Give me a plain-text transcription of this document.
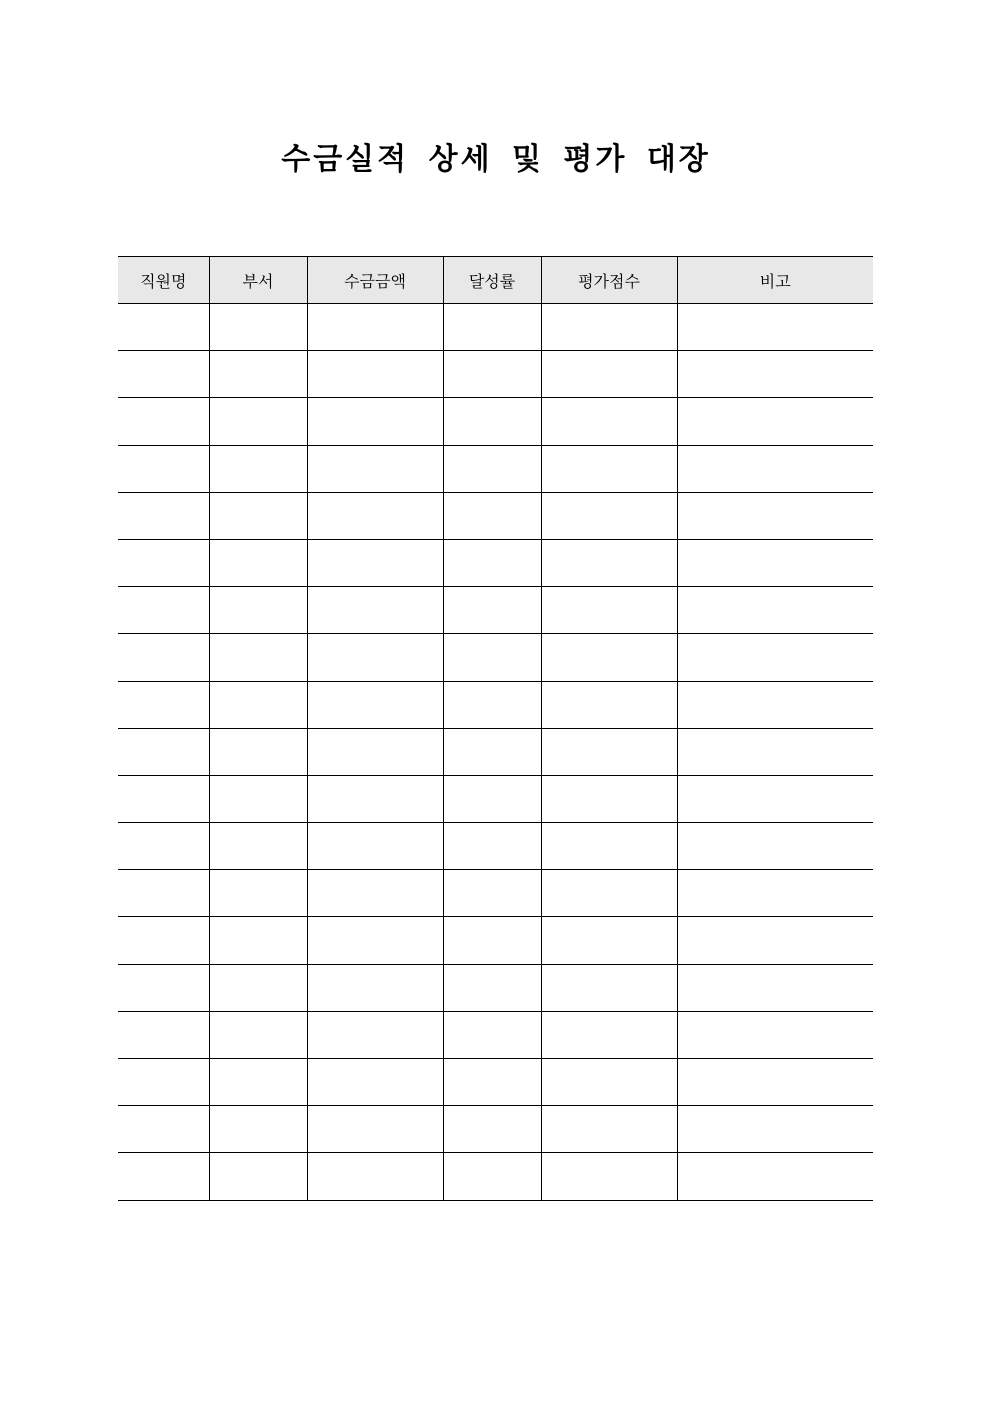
수금실적 상세 및 평가 대장
직원명	부서	수금금액	달성률	평가점수	비고
